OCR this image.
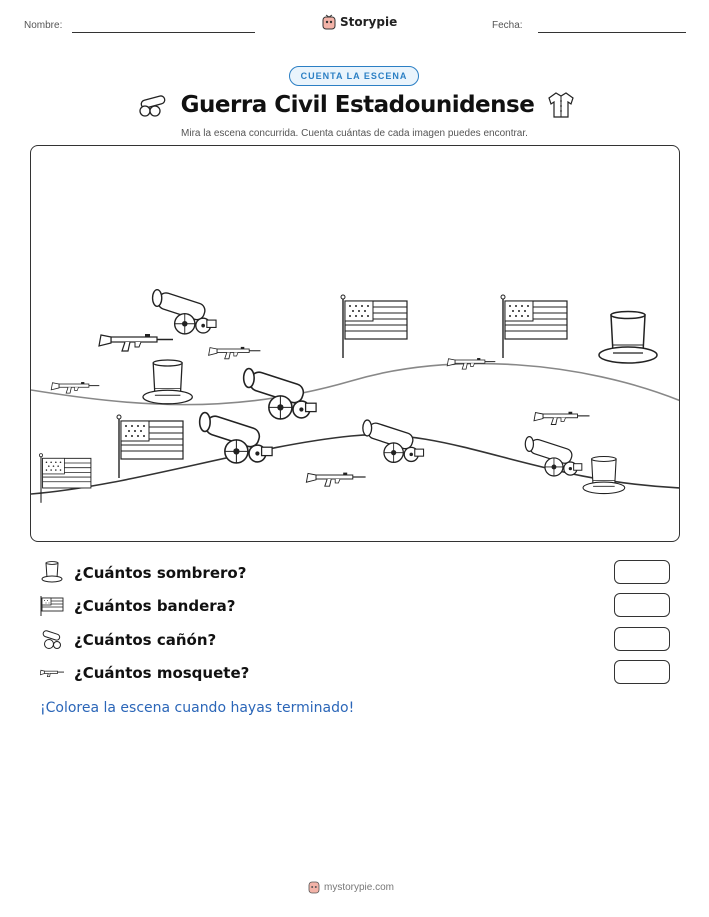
Nombre:	Storypie	Fecha:
CUENTA LA ESCENA
Guerra Civil Estadounidense
Mira la escena concurrida. Cuenta cuántas de cada imagen puedes encontrar.
¿Cuántos sombrero?
¿Cuántos bandera?
¿Cuántos cañón?
¿Cuántos mosquete?
¡Colorea la escena cuando hayas terminado!
mystorypie.com
